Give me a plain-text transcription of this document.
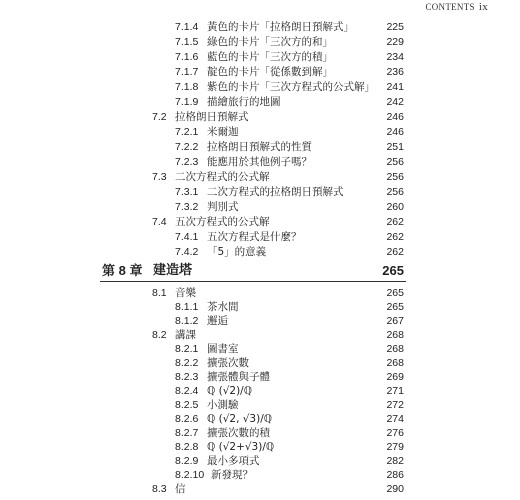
CONTENTS ix
7.1.4 黃色的卡片「拉格朗日預解式」	225
7.1.5 綠色的卡片「三次方的和」	229
7.1.6 藍色的卡片「三次方的積」	234
7.1.7 靛色的卡片「從係數到解」	236
7.1.8 紫色的卡片「三次方程式的公式解」 241
7.1.9 描繪旅行的地圖	242
7.2 拉格朗日預解式	246
7.2.1 米爾迦	246
7.2.2 拉格朗日預解式的性質	251
7.2.3 能應用於其他例子嗎？	256
7.3 二次方程式的公式解	256
7.3.1 二次方程式的拉格朗日預解式	256
7.3.2 判別式	260
7.4 五次方程式的公式解	262
7.4.1 五次方程式是什麼？	262
7.4.2 「5」的意義	262
第 8 章 建造塔	265
8.1 音樂	265
8.1.1 茶水間	265
8.1.2 邂逅	267
8.2 講課	268
8.2.1 圖書室	268
8.2.2 擴張次數	268
8.2.3 擴張體與子體	269
8.2.4 ℚ (√2)/ℚ	271
8.2.5 小測驗	272
8.2.6 ℚ (√2, √3)/ℚ	274
8.2.7 擴張次數的積	276
8.2.8 ℚ (√2+√3)/ℚ	279
8.2.9 最小多項式	282
8.2.10 新發現？	286
8.3 信	290
